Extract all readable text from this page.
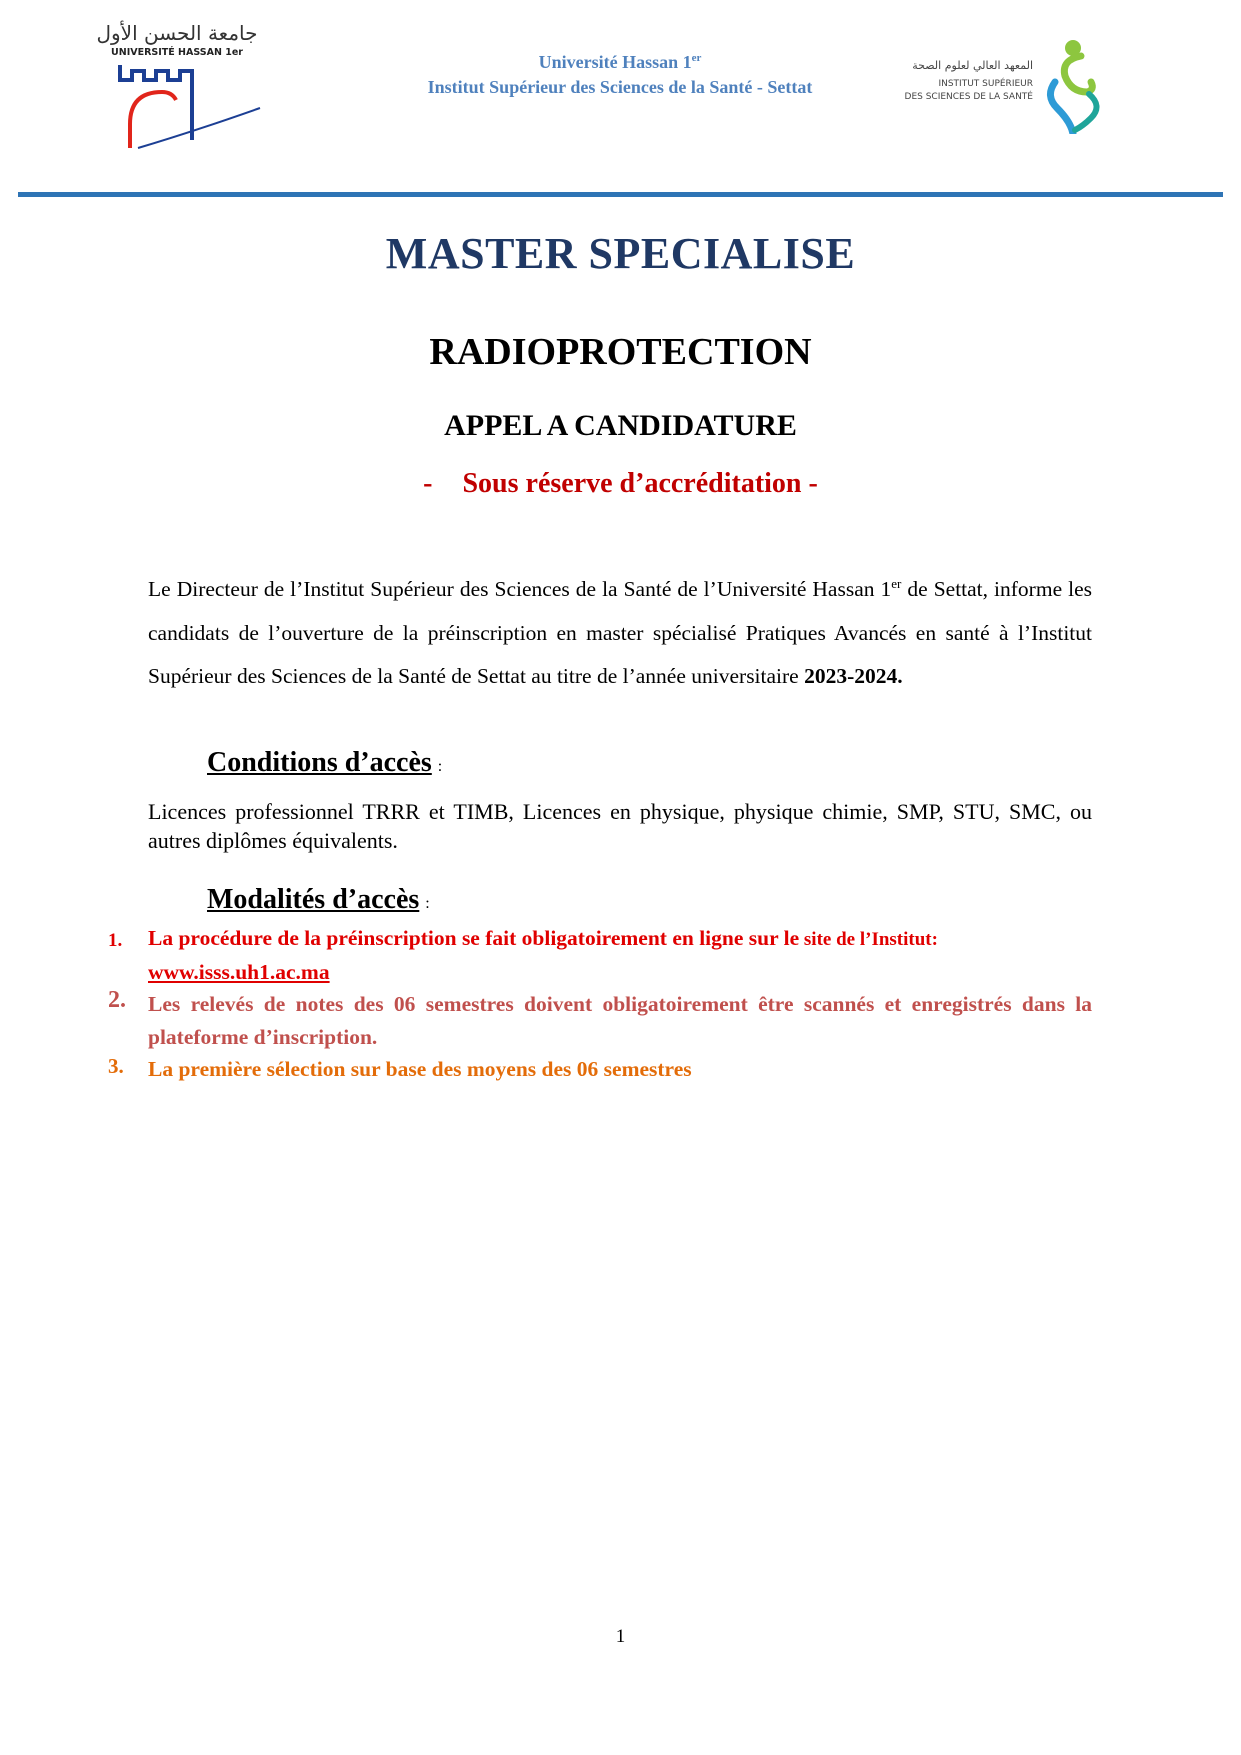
جامعة الحسن الأول
UNIVERSITÉ HASSAN 1er	Université Hassan 1er
Institut Supérieur des Sciences de la Santé - Settat
المعهد العالي لعلوم الصحة
INSTITUT SUPÉRIEUR
DES SCIENCES DE LA SANTÉ
MASTER SPECIALISE
RADIOPROTECTION
APPEL A CANDIDATURE
- Sous réserve d’accréditation -
Le Directeur de l’Institut Supérieur des Sciences de la Santé de l’Université Hassan 1er de Settat, informe les candidats de l’ouverture de la préinscription en master spécialisé Pratiques Avancés en santé à l’Institut Supérieur des Sciences de la Santé de Settat au titre de l’année universitaire 2023-2024.
Conditions d’accès :
Licences professionnel TRRR et TIMB, Licences en physique, physique chimie, SMP, STU, SMC, ou autres diplômes équivalents.
Modalités d’accès :
1. La procédure de la préinscription se fait obligatoirement en ligne sur le site de l’Institut:
www.isss.uh1.ac.ma
2. Les relevés de notes des 06 semestres doivent obligatoirement être scannés et enregistrés dans la plateforme d’inscription.
3. La première sélection sur base des moyens des 06 semestres
1
